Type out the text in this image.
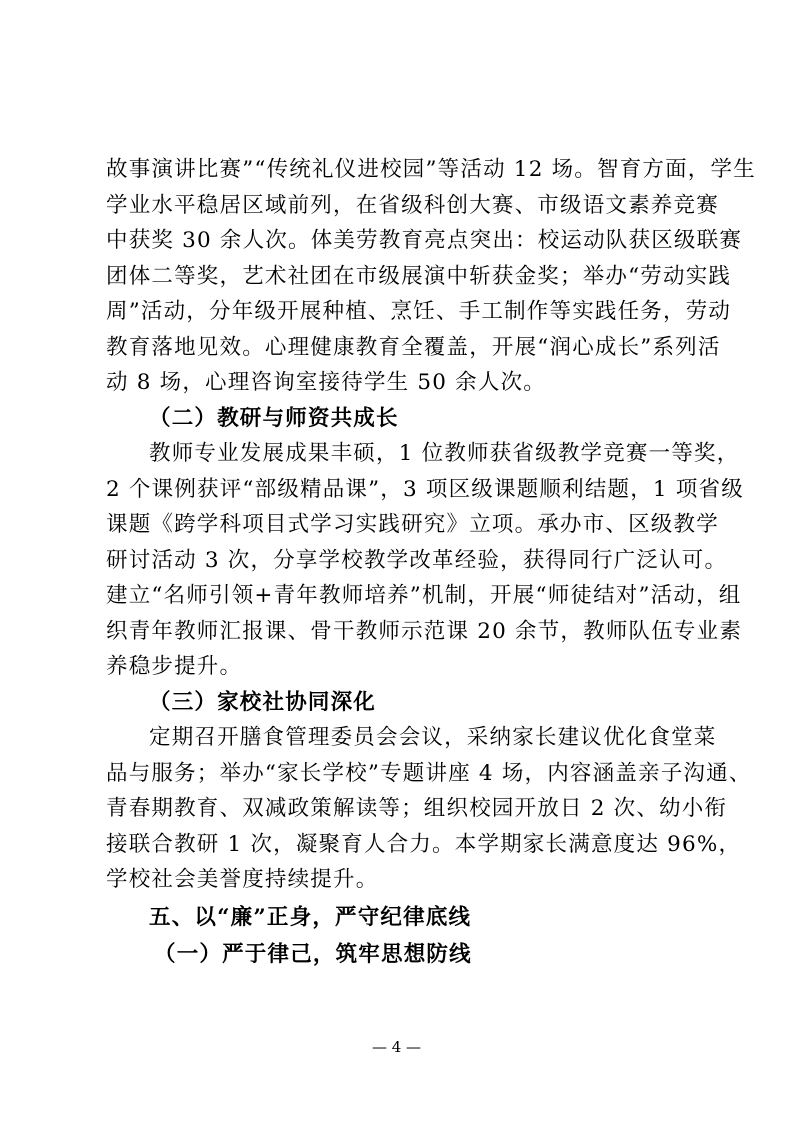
故事演讲比赛”“传统礼仪进校园”等活动 12 场。智育方面，学生

学业水平稳居区域前列，在省级科创大赛、市级语文素养竞赛

中获奖 30 余人次。体美劳教育亮点突出：校运动队获区级联赛

团体二等奖，艺术社团在市级展演中斩获金奖；举办“劳动实践

周”活动，分年级开展种植、烹饪、手工制作等实践任务，劳动

教育落地见效。心理健康教育全覆盖，开展“润心成长”系列活

动 8 场，心理咨询室接待学生 50 余人次。

（二）教研与师资共成长

教师专业发展成果丰硕，1 位教师获省级教学竞赛一等奖，

2 个课例获评“部级精品课”，3 项区级课题顺利结题，1 项省级

课题《跨学科项目式学习实践研究》立项。承办市、区级教学

研讨活动 3 次，分享学校教学改革经验，获得同行广泛认可。

建立“名师引领+青年教师培养”机制，开展“师徒结对”活动，组

织青年教师汇报课、骨干教师示范课 20 余节，教师队伍专业素

养稳步提升。

（三）家校社协同深化

定期召开膳食管理委员会会议，采纳家长建议优化食堂菜

品与服务；举办“家长学校”专题讲座 4 场，内容涵盖亲子沟通、

青春期教育、双减政策解读等；组织校园开放日 2 次、幼小衔

接联合教研 1 次，凝聚育人合力。本学期家长满意度达 96%，

学校社会美誉度持续提升。

五、以“廉”正身，严守纪律底线
（一）严于律己，筑牢思想防线
— 4 —
